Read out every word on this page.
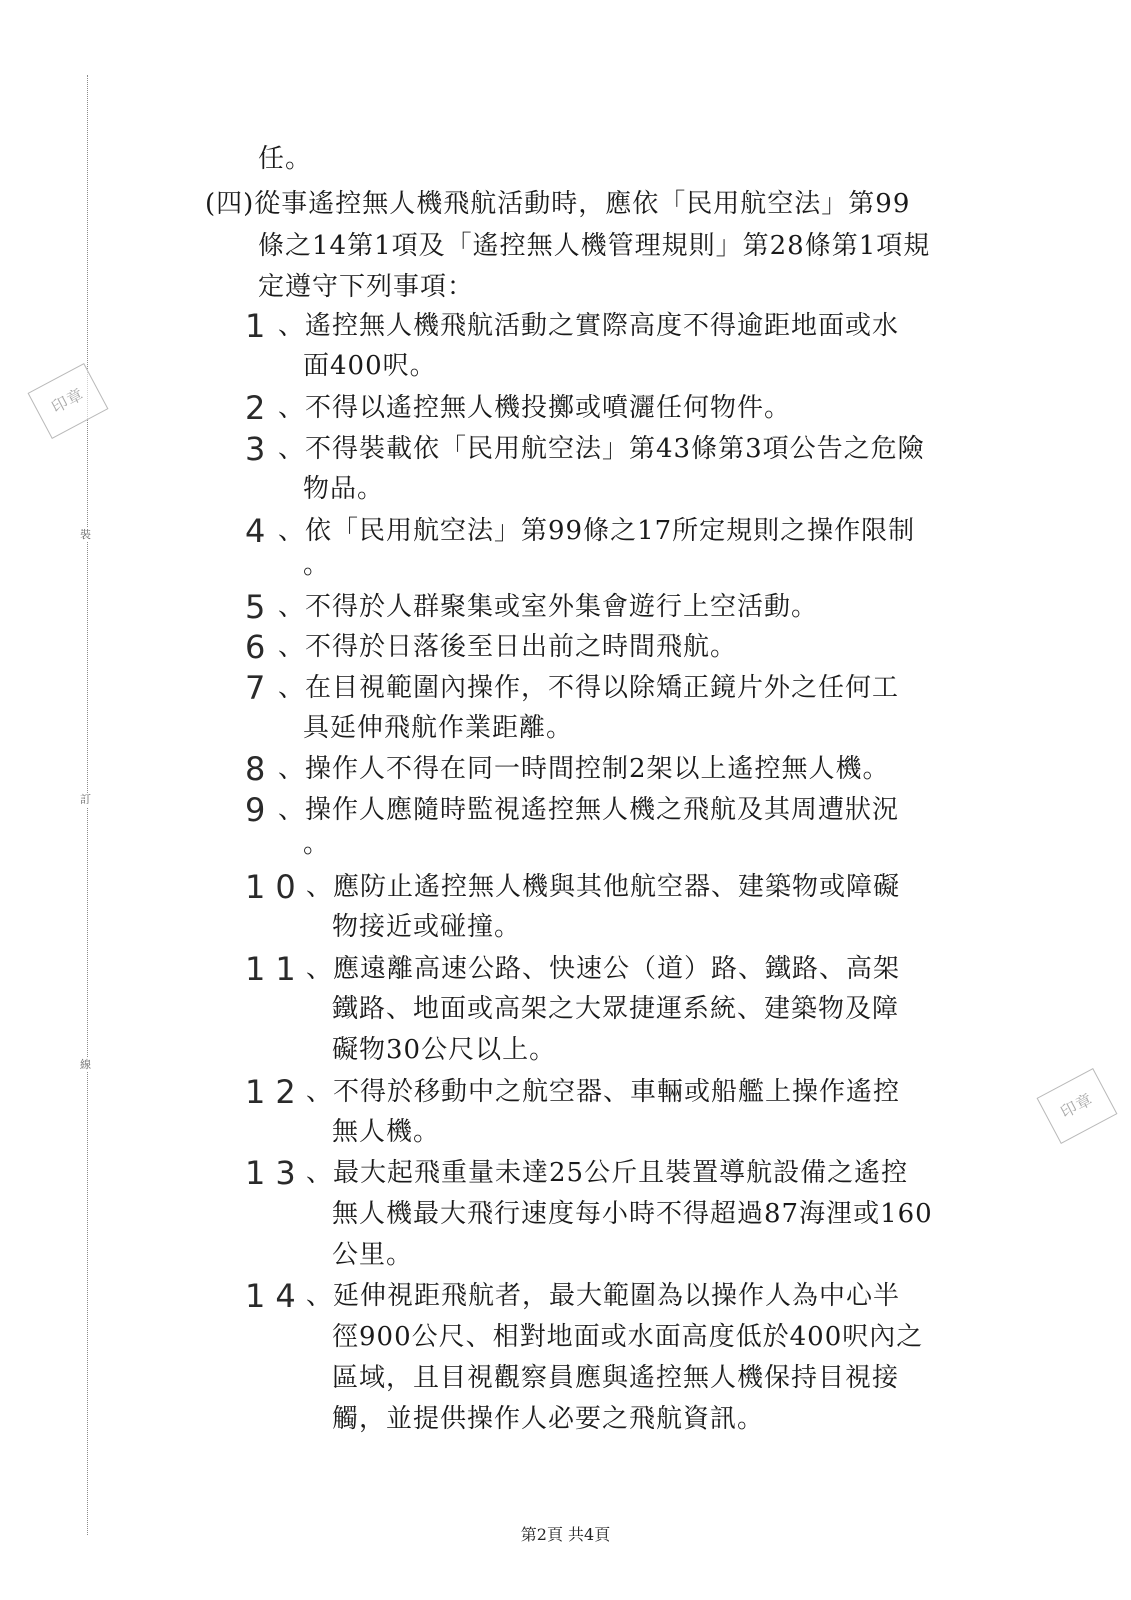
裝
訂
線
印章
印章
任。
(四)從事遙控無人機飛航活動時，應依「民用航空法」第99
條之14第1項及「遙控無人機管理規則」第28條第1項規
定遵守下列事項：
1 、遙控無人機飛航活動之實際高度不得逾距地面或水
面400呎。
2 、不得以遙控無人機投擲或噴灑任何物件。
3 、不得裝載依「民用航空法」第43條第3項公告之危險
物品。
4 、依「民用航空法」第99條之17所定規則之操作限制
。
5 、不得於人群聚集或室外集會遊行上空活動。
6 、不得於日落後至日出前之時間飛航。
7 、在目視範圍內操作，不得以除矯正鏡片外之任何工
具延伸飛航作業距離。
8 、操作人不得在同一時間控制2架以上遙控無人機。
9 、操作人應隨時監視遙控無人機之飛航及其周遭狀況
。
10 、應防止遙控無人機與其他航空器、建築物或障礙
物接近或碰撞。
11 、應遠離高速公路、快速公（道）路、鐵路、高架
鐵路、地面或高架之大眾捷運系統、建築物及障
礙物30公尺以上。
12 、不得於移動中之航空器、車輛或船艦上操作遙控
無人機。
13 、最大起飛重量未達25公斤且裝置導航設備之遙控
無人機最大飛行速度每小時不得超過87海浬或160
公里。
14 、延伸視距飛航者，最大範圍為以操作人為中心半
徑900公尺、相對地面或水面高度低於400呎內之
區域，且目視觀察員應與遙控無人機保持目視接
觸，並提供操作人必要之飛航資訊。
第2頁 共4頁
